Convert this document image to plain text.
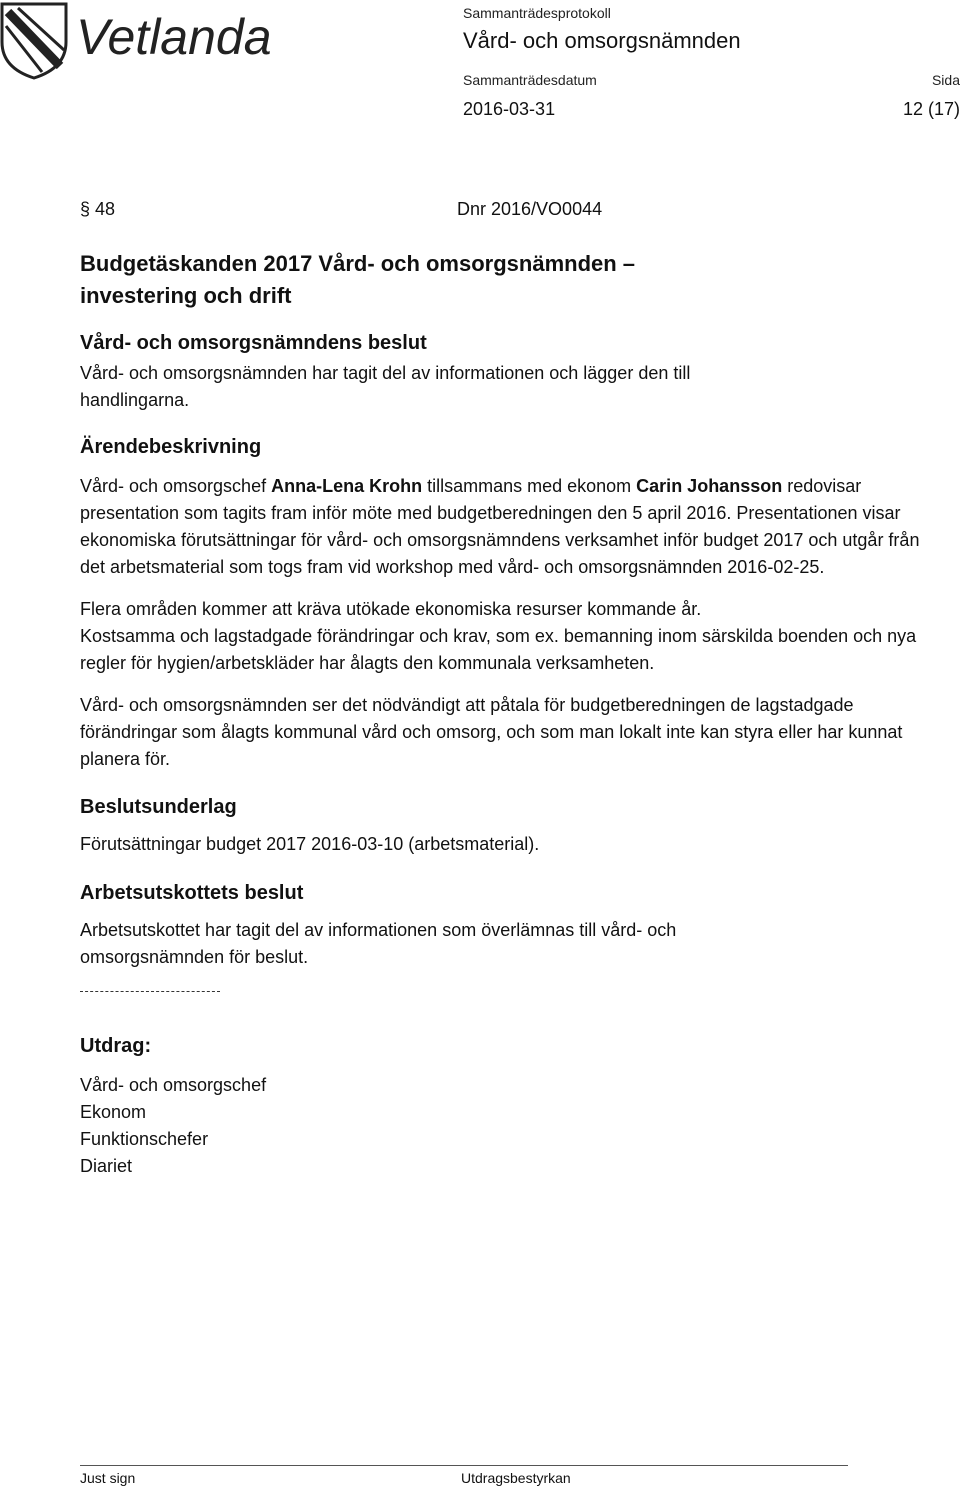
Vetlanda	Sammanträdesprotokoll
Vård- och omsorgsnämnden
Sammanträdesdatum	Sida
2016-03-31	12 (17)
§ 48	Dnr 2016/VO0044
Budgetäskanden 2017 Vård- och omsorgsnämnden –
investering och drift
Vård- och omsorgsnämndens beslut

Vård- och omsorgsnämnden har tagit del av informationen och lägger den till handlingarna.

Ärendebeskrivning

Vård- och omsorgschef Anna-Lena Krohn tillsammans med ekonom Carin Johansson redovisar presentation som tagits fram inför möte med budgetberedningen den 5 april 2016. Presentationen visar ekonomiska förutsättningar för vård- och omsorgsnämndens verksamhet inför budget 2017 och utgår från det arbetsmaterial som togs fram vid workshop med vård- och omsorgsnämnden 2016-02-25.

Flera områden kommer att kräva utökade ekonomiska resurser kommande år.
Kostsamma och lagstadgade förändringar och krav, som ex. bemanning inom särskilda boenden och nya regler för hygien/arbetskläder har ålagts den kommunala verksamheten.

Vård- och omsorgsnämnden ser det nödvändigt att påtala för budgetberedningen de lagstadgade förändringar som ålagts kommunal vård och omsorg, och som man lokalt inte kan styra eller har kunnat planera för.

Beslutsunderlag

Förutsättningar budget 2017 2016-03-10 (arbetsmaterial).

Arbetsutskottets beslut

Arbetsutskottet har tagit del av informationen som överlämnas till vård- och omsorgsnämnden för beslut.

Utdrag:
Vård- och omsorgschef
Ekonom
Funktionschefer
Diariet
Just sign	Utdragsbestyrkan
